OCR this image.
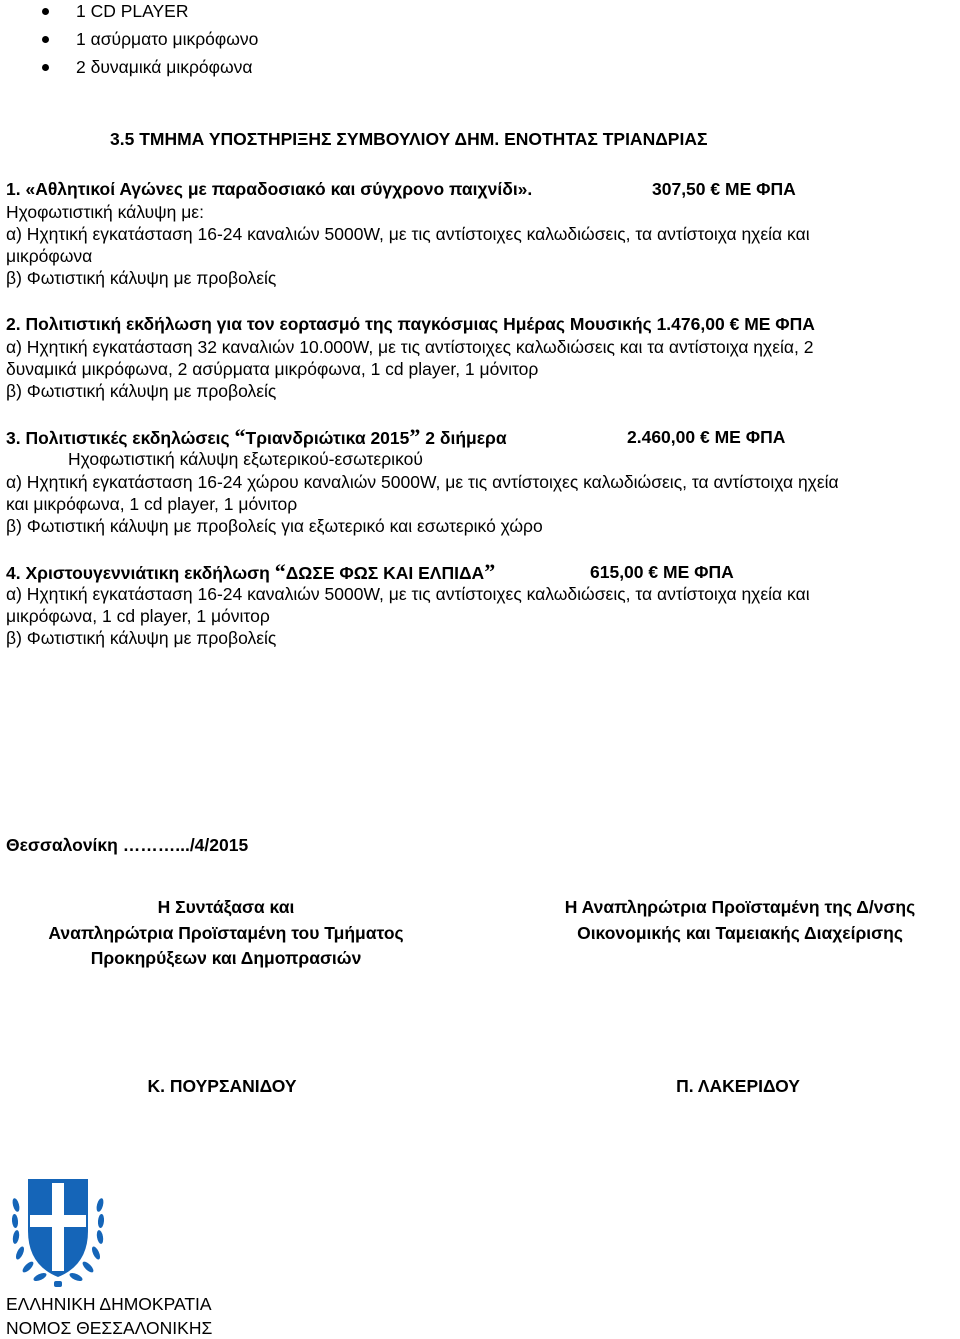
1 CD PLAYER
1 ασύρματο μικρόφωνο
2 δυναμικά μικρόφωνα
3.5 ΤΜΗΜΑ ΥΠΟΣΤΗΡΙΞΗΣ ΣΥΜΒΟΥΛΙΟΥ ΔΗΜ. ΕΝΟΤΗΤΑΣ ΤΡΙΑΝΔΡΙΑΣ
1. «Αθλητικοί Αγώνες με παραδοσιακό και σύγχρονο παιχνίδι».	307,50 € ΜΕ ΦΠΑ
Ηχοφωτιστική κάλυψη με:
α) Ηχητική εγκατάσταση 16-24 καναλιών 5000W, με τις αντίστοιχες καλωδιώσεις, τα αντίστοιχα ηχεία και
μικρόφωνα
β) Φωτιστική κάλυψη με προβολείς
2. Πολιτιστική εκδήλωση για τον εορτασμό της παγκόσμιας Ημέρας Μουσικής 1.476,00 € ΜΕ ΦΠΑ
α) Ηχητική εγκατάσταση 32 καναλιών 10.000W, με τις αντίστοιχες καλωδιώσεις και τα αντίστοιχα ηχεία, 2
δυναμικά μικρόφωνα, 2 ασύρματα μικρόφωνα, 1 cd player, 1 μόνιτορ
β) Φωτιστική κάλυψη με προβολείς
3. Πολιτιστικές εκδηλώσεις “Τριανδριώτικα 2015” 2 διήμερα	2.460,00 € ΜΕ ΦΠΑ
Ηχοφωτιστική κάλυψη εξωτερικού-εσωτερικού
α) Ηχητική εγκατάσταση 16-24 χώρου καναλιών 5000W, με τις αντίστοιχες καλωδιώσεις, τα αντίστοιχα ηχεία
και μικρόφωνα, 1 cd player, 1 μόνιτορ
β) Φωτιστική κάλυψη με προβολείς για εξωτερικό και εσωτερικό χώρο
4. Χριστουγεννιάτικη εκδήλωση “ΔΩΣΕ ΦΩΣ ΚΑΙ ΕΛΠΙΔΑ”	615,00 € ΜΕ ΦΠΑ
α) Ηχητική εγκατάσταση 16-24 καναλιών 5000W, με τις αντίστοιχες καλωδιώσεις, τα αντίστοιχα ηχεία και
μικρόφωνα, 1 cd player, 1 μόνιτορ
β) Φωτιστική κάλυψη με προβολείς
Θεσσαλονίκη ……….../4/2015
Η Συντάξασα και
Αναπληρώτρια Προϊσταμένη του Τμήματος
Προκηρύξεων και Δημοπρασιών
Η Αναπληρώτρια Προϊσταμένη της Δ/νσης
Οικονομικής και Ταμειακής Διαχείρισης
Κ. ΠΟΥΡΣΑΝΙΔΟΥ	Π. ΛΑΚΕΡΙΔΟΥ
ΕΛΛΗΝΙΚΗ ΔΗΜΟΚΡΑΤΙΑ
ΝΟΜΟΣ ΘΕΣΣΑΛΟΝΙΚΗΣ
